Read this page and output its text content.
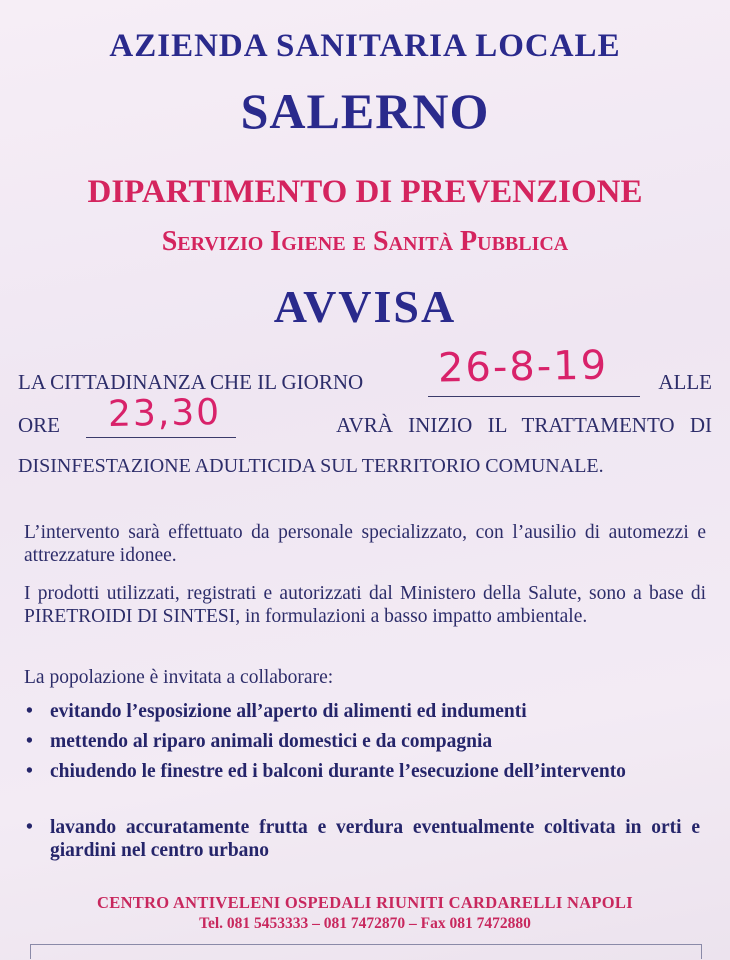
AZIENDA SANITARIA LOCALE
SALERNO
DIPARTIMENTO DI PREVENZIONE
Servizio Igiene e Sanità Pubblica
AVVISA
LA CITTADINANZA CHE IL GIORNO	ALLE
26-8-19
ORE	AVRÀ INIZIO IL TRATTAMENTO DI
23,30
DISINFESTAZIONE ADULTICIDA SUL TERRITORIO COMUNALE.
L’intervento sarà effettuato da personale specializzato, con l’ausilio di automezzi e attrezzature idonee.
I prodotti utilizzati, registrati e autorizzati dal Ministero della Salute, sono a base di PIRETROIDI DI SINTESI, in formulazioni a basso impatto ambientale.
La popolazione è invitata a collaborare:
• evitando l’esposizione all’aperto di alimenti ed indumenti
• mettendo al riparo animali domestici e da compagnia
• chiudendo le finestre ed i balconi durante l’esecuzione dell’intervento
• lavando accuratamente frutta e verdura eventualmente coltivata in orti e giardini nel centro urbano
CENTRO ANTIVELENI OSPEDALI RIUNITI CARDARELLI NAPOLI
Tel. 081 5453333 – 081 7472870 – Fax 081 7472880
